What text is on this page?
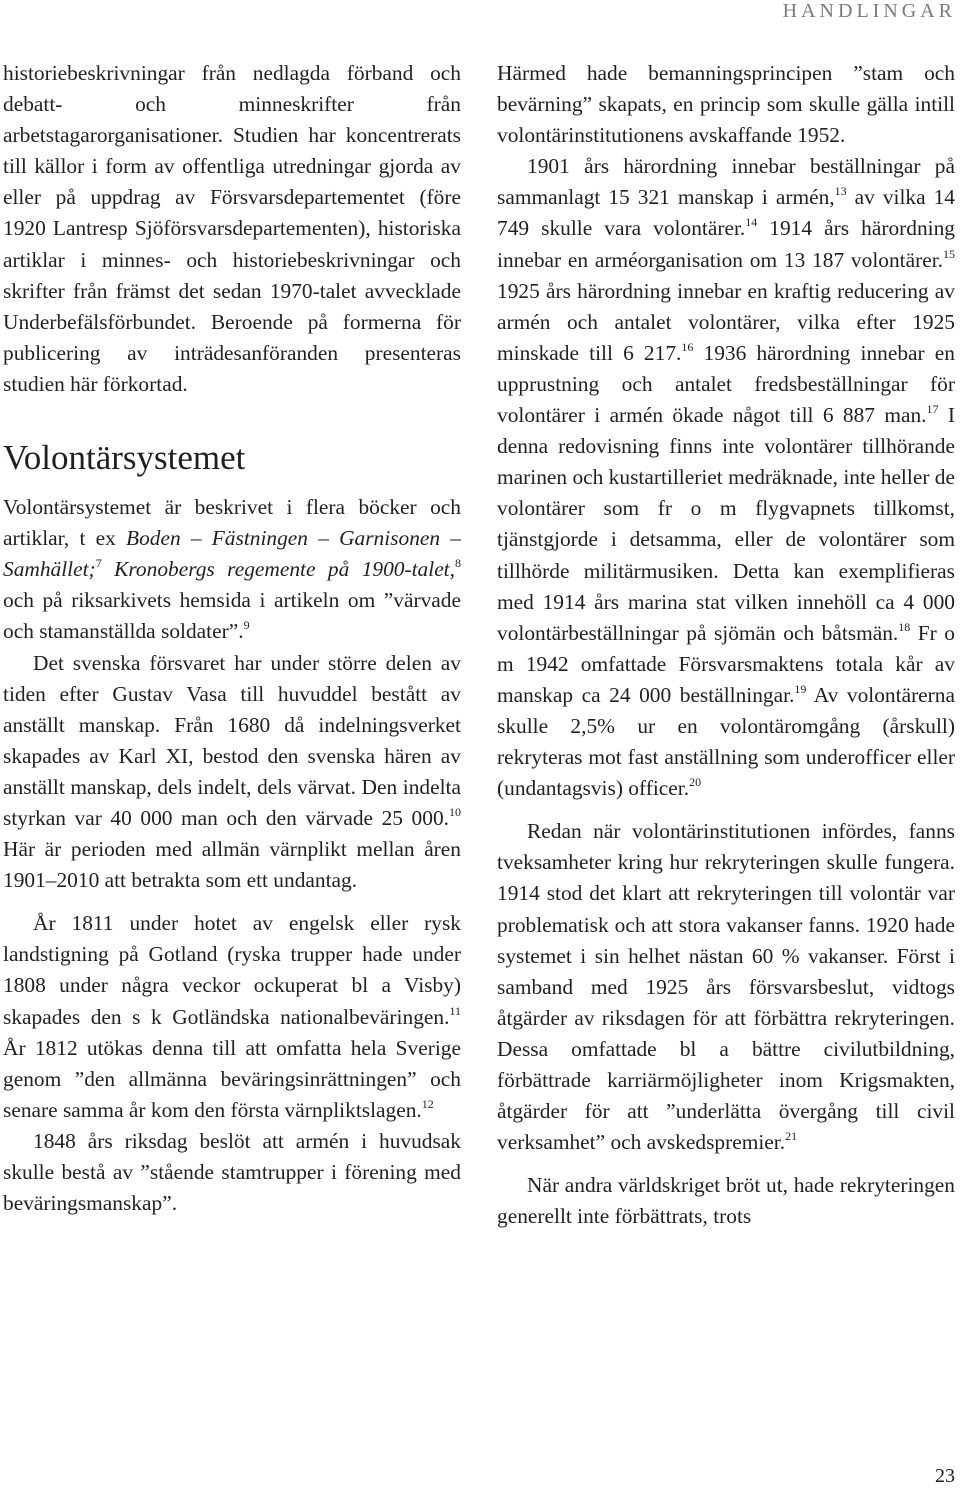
HANDLINGAR

historiebeskrivningar från nedlagda förband och debatt- och minneskrifter från arbetstagarorganisationer. Studien har koncentrerats till källor i form av offentliga utredningar gjorda av eller på uppdrag av Försvarsdepartementet (före 1920 Lantresp Sjöförsvarsdepartementen), historiska artiklar i minnes- och historiebeskrivningar och skrifter från främst det sedan 1970-talet avvecklade Underbefälsförbundet. Beroende på formerna för publicering av inträdesanföranden presenteras studien här förkortad.

Volontärsystemet

Volontärsystemet är beskrivet i flera böcker och artiklar, t ex Boden – Fästningen – Garnisonen – Samhället;$^7$ Kronobergs regemente på 1900-talet,$^8$ och på riksarkivets hemsida i artikeln om ”värvade och stamanställda soldater”.$^9$

Det svenska försvaret har under större delen av tiden efter Gustav Vasa till huvuddel bestått av anställt manskap. Från 1680 då indelningsverket skapades av Karl XI, bestod den svenska hären av anställt manskap, dels indelt, dels värvat. Den indelta styrkan var 40 000 man och den värvade 25 000.10 Här är perioden med allmän värnplikt mellan åren 1901–2010 att betrakta som ett undantag.

År 1811 under hotet av engelsk eller rysk landstigning på Gotland (ryska trupper hade under 1808 under några veckor ockuperat bl a Visby) skapades den s k Gotländska nationalbeväringen.$^{11}$ År 1812 utökas denna till att omfatta hela Sverige genom ”den allmänna beväringsinrättningen” och senare samma år kom den första värnpliktslagen.$^{12}$

1848 års riksdag beslöt att armén i huvudsak skulle bestå av ”stående stamtrupper i förening med beväringsmanskap”.

Härmed hade bemanningsprincipen ”stam och bevärning” skapats, en princip som skulle gälla intill volontärinstitutionens avskaffande 1952.

1901 års härordning innebar beställningar på sammanlagt 15 321 manskap i armén,$^{13}$ av vilka 14 749 skulle vara volontärer.$^{14}$ 1914 års härordning innebar en arméorganisation om 13 187 volontärer.$^{15}$ 1925 års härordning innebar en kraftig reducering av armén och antalet volontärer, vilka efter 1925 minskade till 6 217.16 1936 härordning innebar en upprustning och antalet fredsbeställningar för volontärer i armén ökade något till 6 887 man.$^{17}$ I denna redovisning finns inte volontärer tillhörande marinen och kustartilleriet medräknade, inte heller de volontärer som fr o m flygvapnets tillkomst, tjänstgjorde i detsamma, eller de volontärer som tillhörde militärmusiken. Detta kan exemplifieras med 1914 års marina stat vilken innehöll ca 4 000 volontärbeställningar på sjömän och båtsmän.$^{18}$ Fr o m 1942 omfattade Försvarsmaktens totala kår av manskap ca 24 000 beställningar.$^{19}$ Av volontärerna skulle 2,5% ur en volontäromgång (årskull) rekryteras mot fast anställning som underofficer eller (undantagsvis) officer.$^{20}$

Redan när volontärinstitutionen infördes, fanns tveksamheter kring hur rekryteringen skulle fungera. 1914 stod det klart att rekryteringen till volontär var problematisk och att stora vakanser fanns. 1920 hade systemet i sin helhet nästan 60 % vakanser. Först i samband med 1925 års försvarsbeslut, vidtogs åtgärder av riksdagen för att förbättra rekryteringen. Dessa omfattade bl a bättre civilutbildning, förbättrade karriärmöjligheter inom Krigsmakten, åtgärder för att ”underlätta övergång till civil verksamhet” och avskedspremier.$^{21}$

När andra världskriget bröt ut, hade rekryteringen generellt inte förbättrats, trots

23
